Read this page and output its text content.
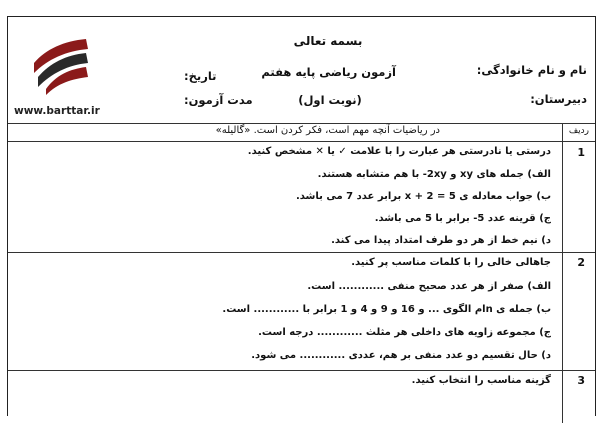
www.barttar.ir
بسمه تعالی
آزمون ریاضی پایه هفتم
(نوبت اول)
نام و نام خانوادگی:
دبیرستان:
تاریخ:
مدت آزمون:
در ریاضیات آنچه مهم است، فکر کردن است. «گالیله»	ردیف
1
درستی یا نادرستی هر عبارت را با علامت ✓ یا ✕ مشخص کنید.
الف) جمله های xy و 2xy- با هم متشابه هستند.
ب) جواب معادله ی 5 = 2 + x برابر عدد 7 می باشد.
ج) قرینه عدد 5- برابر با 5 می باشد.
د) نیم خط از هر دو طرف امتداد پیدا می کند.
2
جاهالی خالی را با کلمات مناسب پر کنید.
الف) صفر از هر عدد صحیح منفی ............ است.
ب) جمله ی nام الگوی ... و 16 و 9 و 4 و 1 برابر با ............ است.
ج) مجموعه زاویه های داخلی هر مثلث ............ درجه است.
د) حال تقسیم دو عدد منفی بر هم، عددی ............ می شود.
3
گزینه مناسب را انتخاب کنید.
